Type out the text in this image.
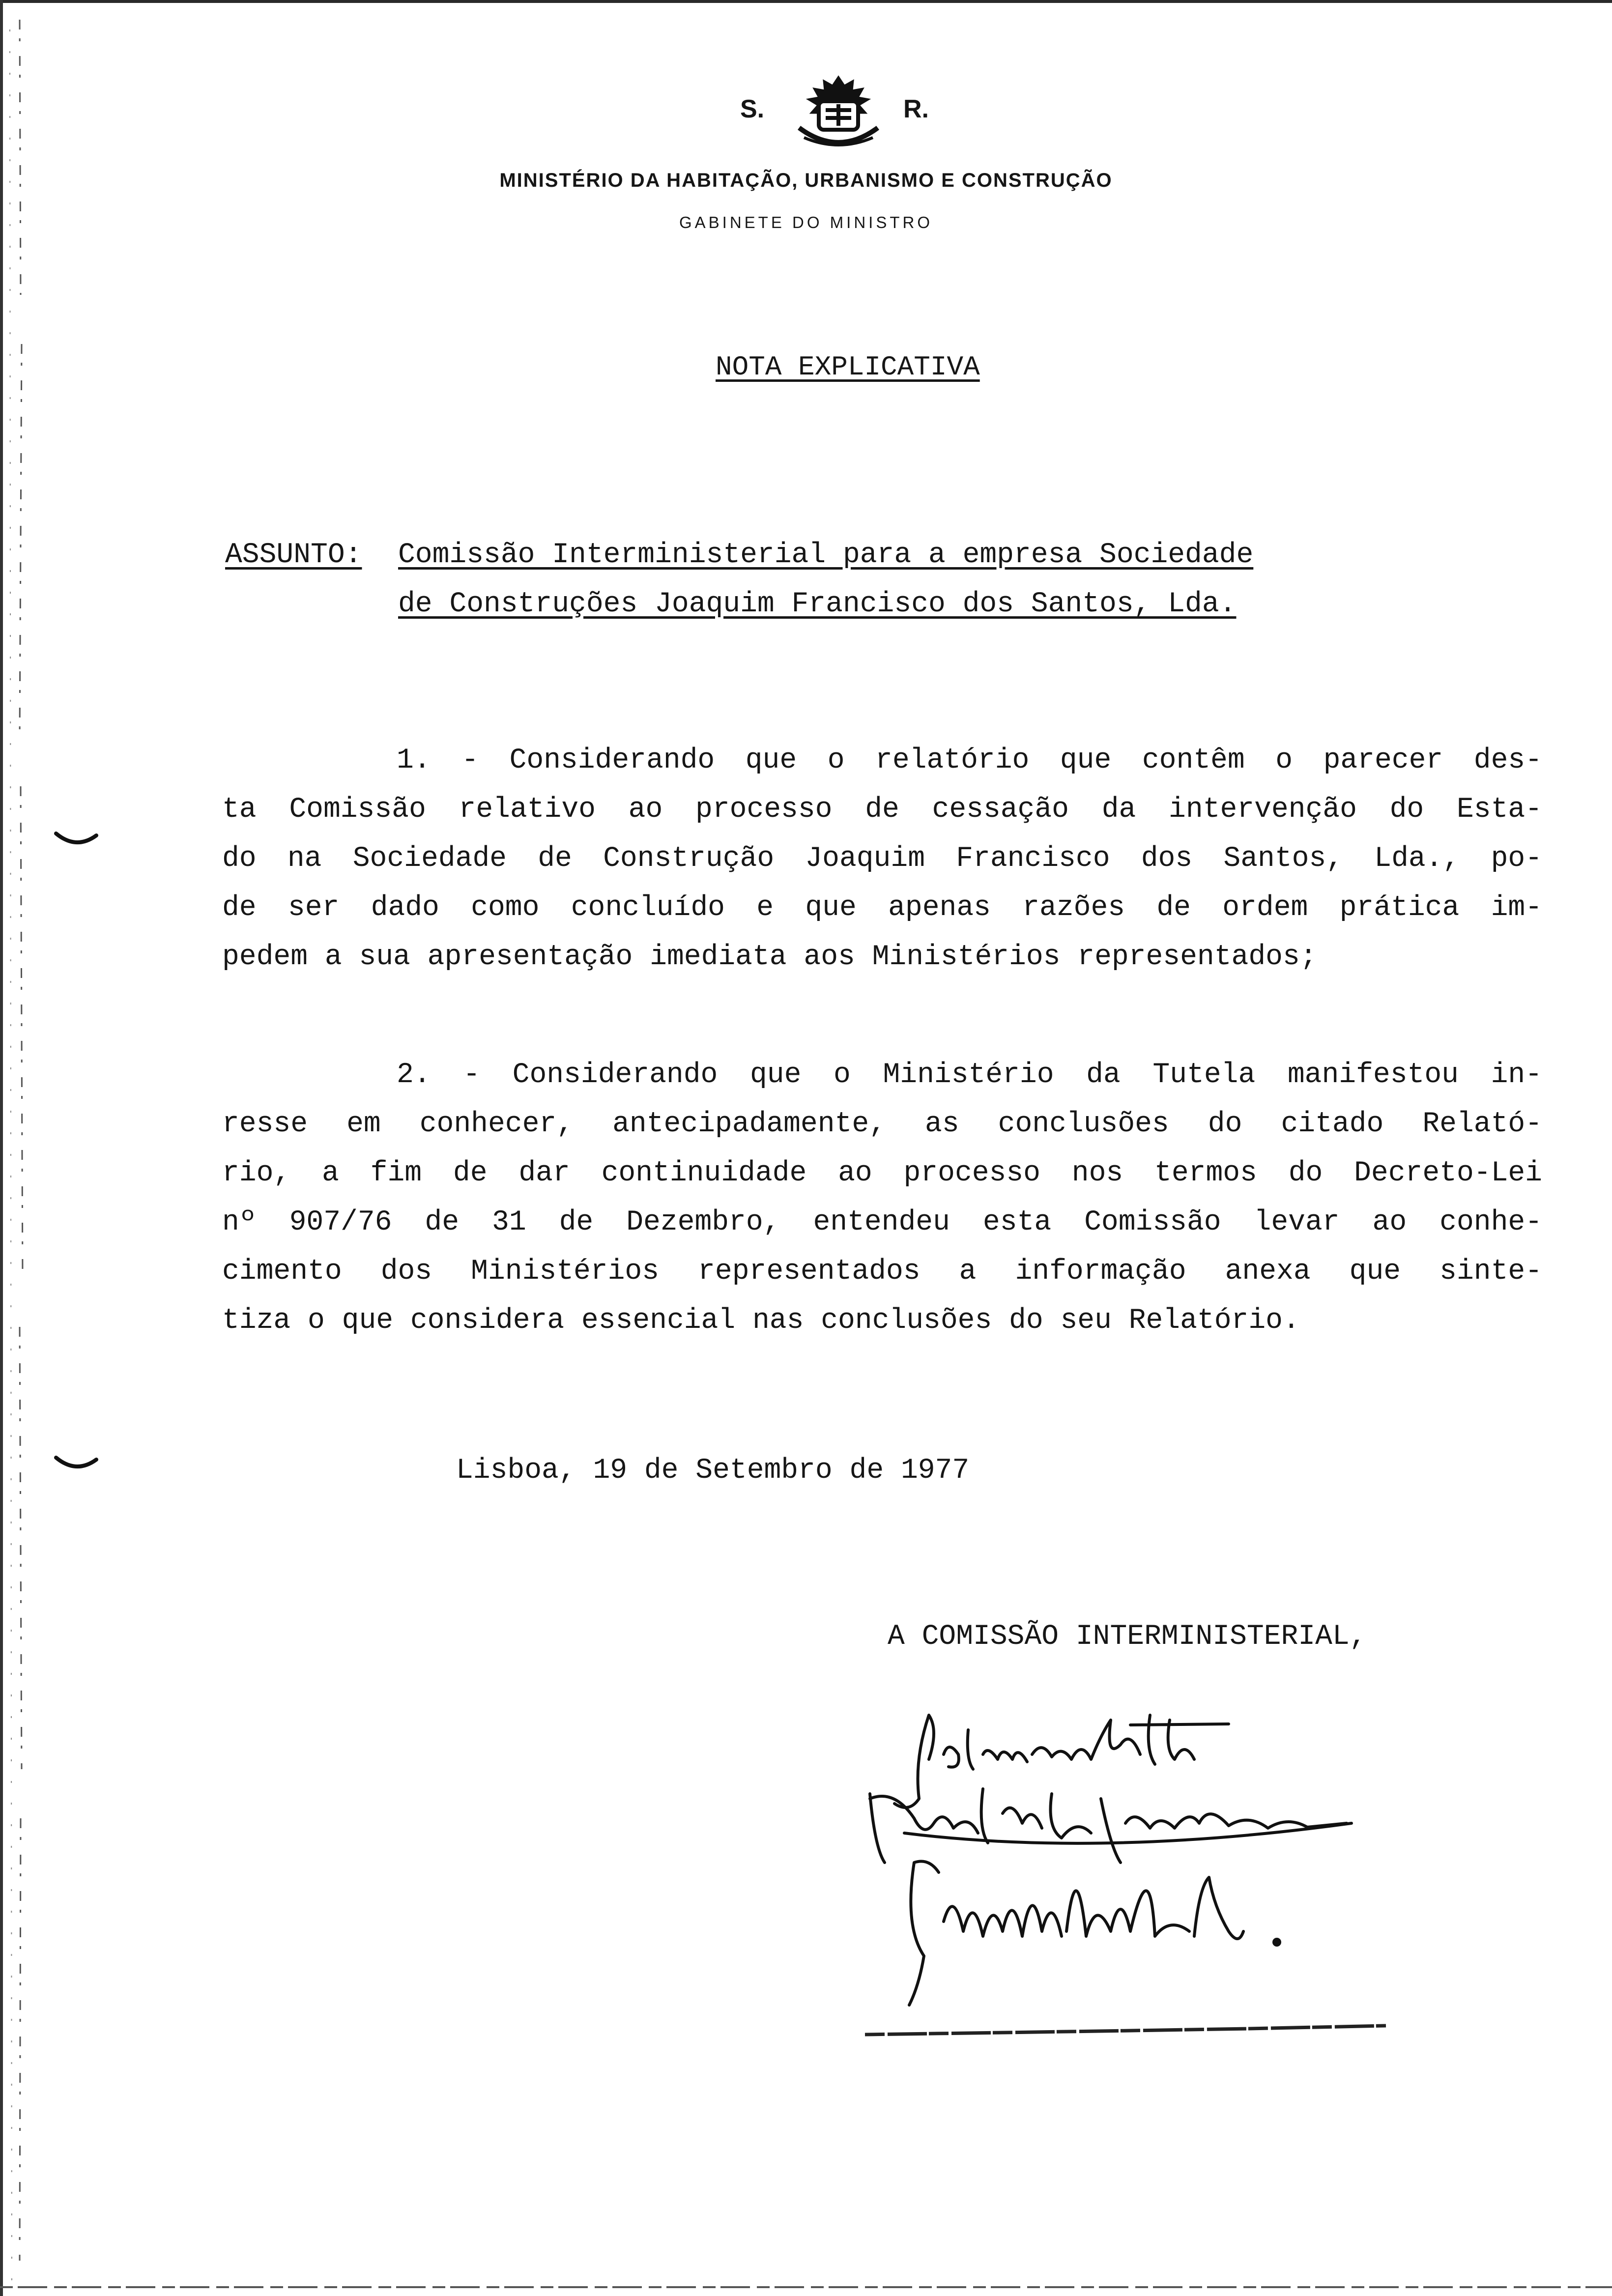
S.	R.
MINISTÉRIO DA HABITAÇÃO, URBANISMO E CONSTRUÇÃO
GABINETE DO MINISTRO
NOTA EXPLICATIVA
ASSUNTO: Comissão Interministerial para a empresa Sociedade
de Construções Joaquim Francisco dos Santos, Lda.
1. - Considerando que o relatório que contêm o parecer des-
ta Comissão relativo ao processo de cessação da intervenção do Esta-
do na Sociedade de Construção Joaquim Francisco dos Santos, Lda., po-
de ser dado como concluído e que apenas razões de ordem prática im-
pedem a sua apresentação imediata aos Ministérios representados;
2. - Considerando que o Ministério da Tutela manifestou in-
resse em conhecer, antecipadamente, as conclusões do citado Relató-
rio, a fim de dar continuidade ao processo nos termos do Decreto-Lei
nº 907/76 de 31 de Dezembro, entendeu esta Comissão levar ao conhe-
cimento dos Ministérios representados a informação anexa que sinte-
tiza o que considera essencial nas conclusões do seu Relatório.
Lisboa, 19 de Setembro de 1977
A COMISSÃO INTERMINISTERIAL,
